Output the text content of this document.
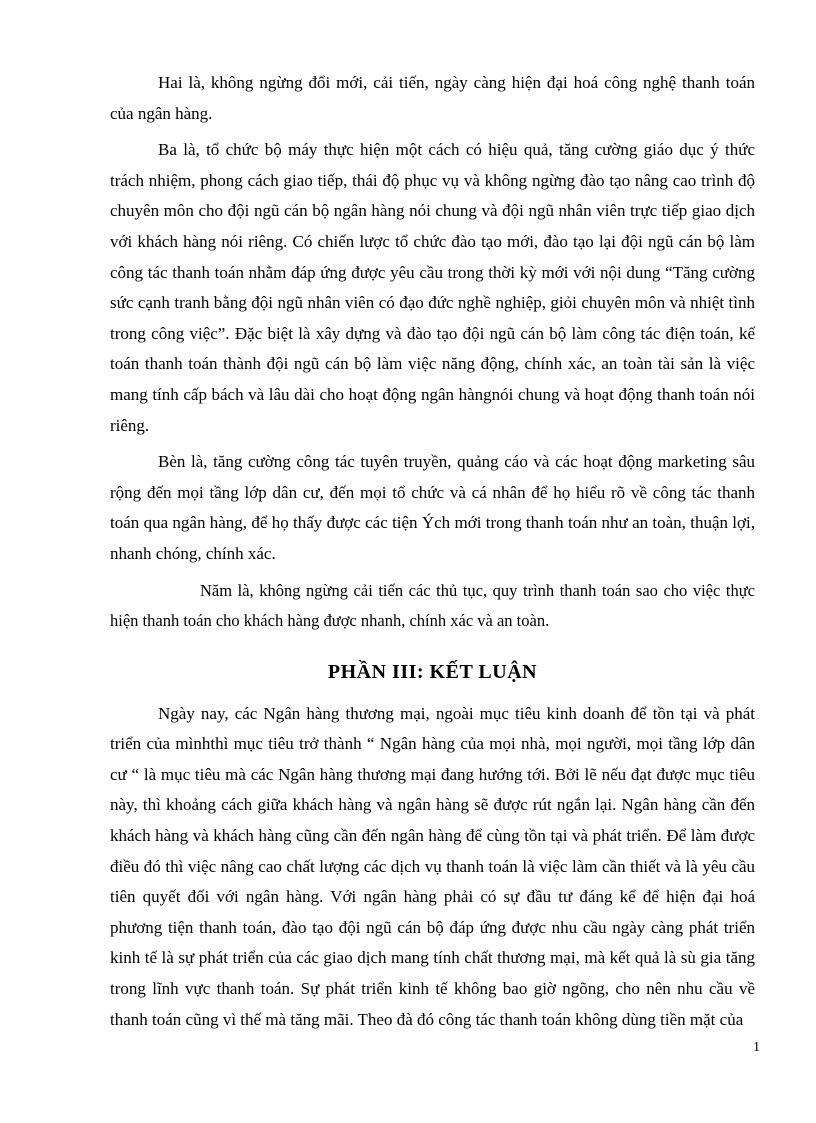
Hai là, không ngừng đổi mới, cải tiến, ngày càng hiện đại hoá công nghệ thanh toán của ngân hàng.

Ba là, tổ chức bộ máy thực hiện một cách có hiệu quả, tăng cường giáo dục ý thức trách nhiệm, phong cách giao tiếp, thái độ phục vụ và không ngừng đào tạo nâng cao trình độ chuyên môn cho đội ngũ cán bộ ngân hàng nói chung và đội ngũ nhân viên trực tiếp giao dịch với khách hàng nói riêng. Có chiến lược tổ chức đào tạo mới, đào tạo lại đội ngũ cán bộ làm công tác thanh toán nhằm đáp ứng được yêu cầu trong thời kỳ mới với nội dung “Tăng cường sức cạnh tranh bằng đội ngũ nhân viên có đạo đức nghề nghiệp, giỏi chuyên môn và nhiệt tình trong công việc”. Đặc biệt là xây dựng và đào tạo đội ngũ cán bộ làm công tác điện toán, kế toán thanh toán thành đội ngũ cán bộ làm việc năng động, chính xác, an toàn tài sản là việc mang tính cấp bách và lâu dài cho hoạt động ngân hàngnói chung và hoạt động thanh toán nói riêng.

Bèn là, tăng cường công tác tuyên truyền, quảng cáo và các hoạt động marketing sâu rộng đến mọi tầng lớp dân cư, đến mọi tổ chức và cá nhân để họ hiểu rõ về công tác thanh toán qua ngân hàng, để họ thấy được các tiện Ých mới trong thanh toán như an toàn, thuận lợi, nhanh chóng, chính xác.

Năm là, không ngừng cải tiến các thủ tục, quy trình thanh toán sao cho việc thực hiện thanh toán cho khách hàng được nhanh, chính xác và an toàn.

PHẦN III: KẾT LUẬN

Ngày nay, các Ngân hàng thương mại, ngoài mục tiêu kinh doanh để tồn tại và phát triển của mìnhthì mục tiêu trở thành “ Ngân hàng của mọi nhà, mọi người, mọi tầng lớp dân cư “ là mục tiêu mà các Ngân hàng thương mại đang hướng tới. Bởi lẽ nếu đạt được mục tiêu này, thì khoảng cách giữa khách hàng và ngân hàng sẽ được rút ngắn lại. Ngân hàng cần đến khách hàng và khách hàng cũng cần đến ngân hàng để cùng tồn tại và phát triển. Để làm được điều đó thì việc nâng cao chất lượng các dịch vụ thanh toán là việc làm cần thiết và là yêu cầu tiên quyết đối với ngân hàng. Với ngân hàng phải có sự đầu tư đáng kể để hiện đại hoá phương tiện thanh toán, đào tạo đội ngũ cán bộ đáp ứng được nhu cầu ngày càng phát triển kinh tế là sự phát triển của các giao dịch mang tính chất thương mại, mà kết quả là sù gia tăng trong lĩnh vực thanh toán. Sự phát triển kinh tế không bao giờ ngõng, cho nên nhu cầu về thanh toán cũng vì thế mà tăng mãi. Theo đà đó công tác thanh toán không dùng tiền mặt của

1
